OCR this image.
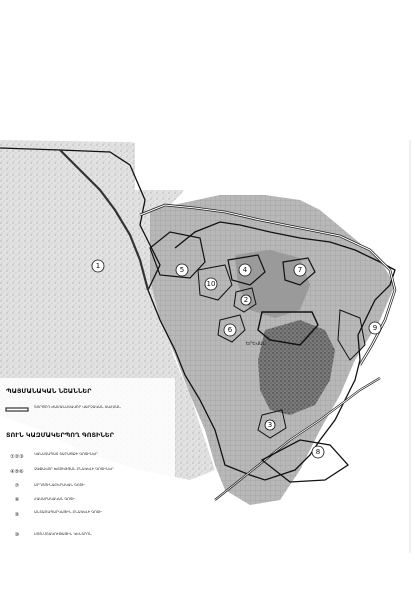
1	5
10
4	7
2
6	9
3
8
ԵՐԵՎԱՆ
ՊԱՅՄԱՆԱԿԱՆ ՆՇԱՆՆԵՐ
ԳՈՐԾՈՂ ԺԱՄԱՆԱԿԱՎՈՐ ՎԱՐՉԱԿԱՆ ՍԱՀՄԱՆ
ՏՈՒՆ ԿԱԶՄԱԿԵՐՊՈՂ ԳՈՏԻՆԵՐ
①②③	ԿԱՆԱՉԱՊԱՏ ՏԱՐԱԾՔԻ ԳՈՏԻՆԵՐ
④⑤⑥	ՉԱՓԱՎՈՐ ԽՏՈՒԹՅԱՆ ԲՆԱԿԵԼԻ ԳՈՏԻՆԵՐ
⑦	ԱՐԴՅՈՒՆԱԲԵՐԱԿԱՆ ԳՈՏԻ
⑧	ՀԱՍԱՐԱԿԱԿԱՆ ԳՈՏԻ
⑨	ԱՆՏԱՌԱՊԱՐԿԱՅԻՆ ԲՆԱԿԵԼԻ ԳՈՏԻ
⑩	ՍՈՑ-ՄՇԱԿՈՒԹԱՅԻՆ ԿԵՆՏՐՈՆ
